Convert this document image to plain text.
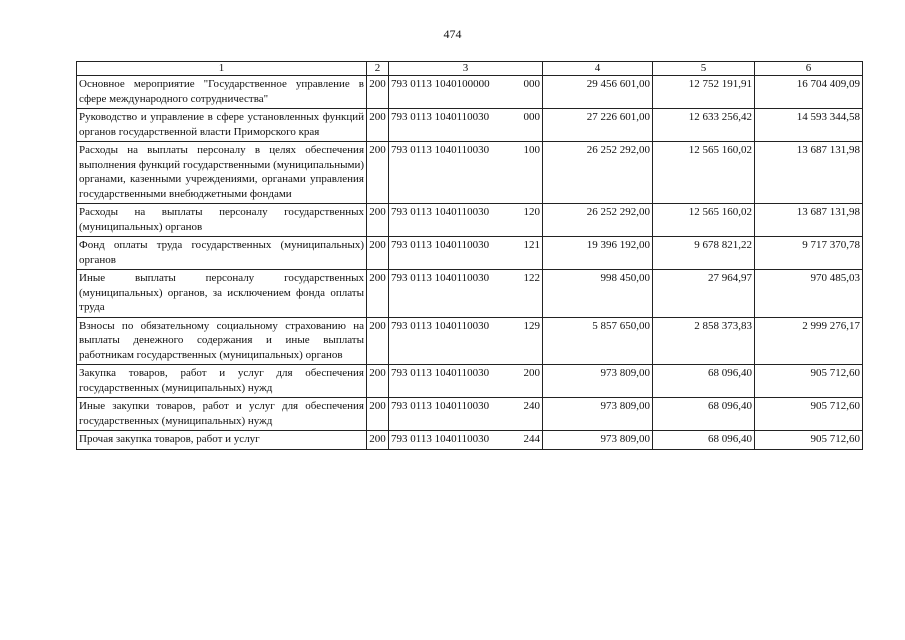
474
1	2	3	4	5	6
Основное мероприятие "Государственное управление в сфере международного сотрудничества"	200	793 0113 1040100000 000	29 456 601,00	12 752 191,91	16 704 409,09
Руководство и управление в сфере установленных функций органов государственной власти Приморского края	200	793 0113 1040110030 000	27 226 601,00	12 633 256,42	14 593 344,58
Расходы на выплаты персоналу в целях обеспечения выполнения функций государственными (муниципальными) органами, казенными учреждениями, органами управления государственными внебюджетными фондами	200	793 0113 1040110030 100	26 252 292,00	12 565 160,02	13 687 131,98
Расходы на выплаты персоналу государственных (муниципальных) органов	200	793 0113 1040110030 120	26 252 292,00	12 565 160,02	13 687 131,98
Фонд оплаты труда государственных (муниципальных) органов	200	793 0113 1040110030 121	19 396 192,00	9 678 821,22	9 717 370,78
Иные выплаты персоналу государственных (муниципальных) органов, за исключением фонда оплаты труда	200	793 0113 1040110030 122	998 450,00	27 964,97	970 485,03
Взносы по обязательному социальному страхованию на выплаты денежного содержания и иные выплаты работникам государственных (муниципальных) органов	200	793 0113 1040110030 129	5 857 650,00	2 858 373,83	2 999 276,17
Закупка товаров, работ и услуг для обеспечения государственных (муниципальных) нужд	200	793 0113 1040110030 200	973 809,00	68 096,40	905 712,60
Иные закупки товаров, работ и услуг для обеспечения государственных (муниципальных) нужд	200	793 0113 1040110030 240	973 809,00	68 096,40	905 712,60
Прочая закупка товаров, работ и услуг	200	793 0113 1040110030 244	973 809,00	68 096,40	905 712,60
